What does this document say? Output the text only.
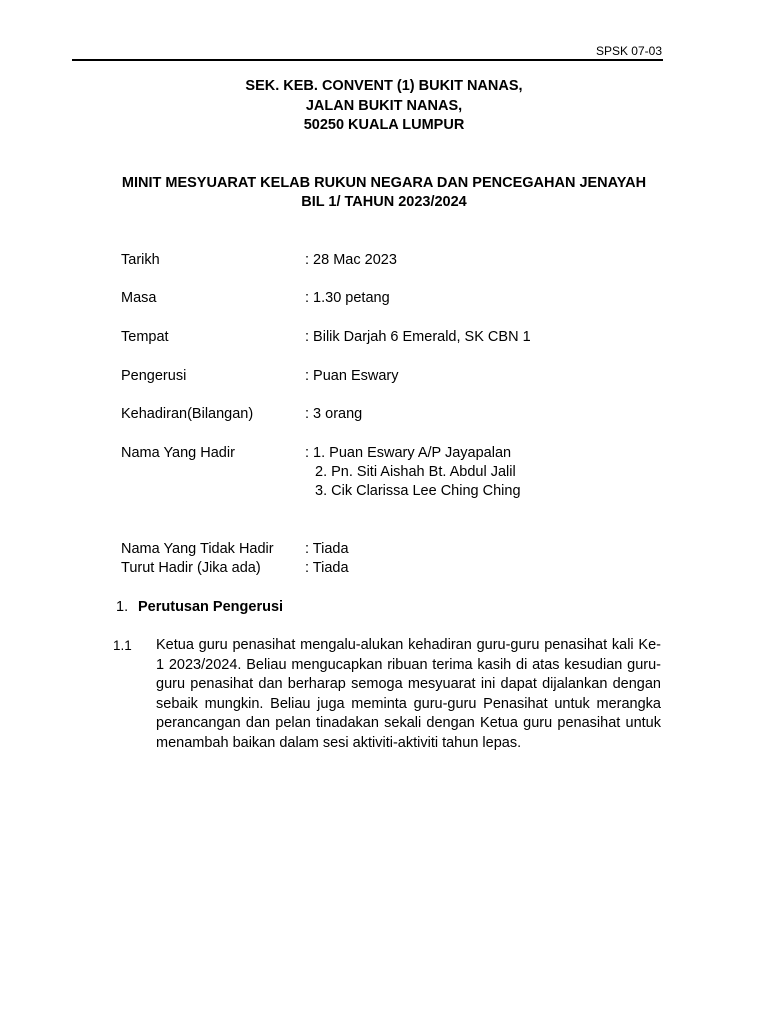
SPSK 07-03
SEK. KEB. CONVENT (1) BUKIT NANAS,
JALAN BUKIT NANAS,
50250 KUALA LUMPUR
MINIT MESYUARAT KELAB RUKUN NEGARA DAN PENCEGAHAN JENAYAH
BIL 1/ TAHUN 2023/2024
Tarikh	: 28 Mac 2023
Masa	: 1.30 petang
Tempat	: Bilik Darjah 6 Emerald, SK CBN 1
Pengerusi	: Puan Eswary
Kehadiran(Bilangan)	: 3 orang
Nama Yang Hadir	: 1. Puan Eswary A/P Jayapalan
2. Pn. Siti Aishah Bt. Abdul Jalil
3. Cik Clarissa Lee Ching Ching
Nama Yang Tidak Hadir : Tiada
Turut Hadir (Jika ada)	: Tiada
1. Perutusan Pengerusi
1.1 Ketua guru penasihat mengalu-alukan kehadiran guru-guru penasihat kali Ke-1 2023/2024. Beliau mengucapkan ribuan terima kasih di atas kesudian guru-guru penasihat dan berharap semoga mesyuarat ini dapat dijalankan dengan sebaik mungkin. Beliau juga meminta guru-guru Penasihat untuk merangka perancangan dan pelan tinadakan sekali dengan Ketua guru penasihat untuk menambah baikan dalam sesi aktiviti-aktiviti tahun lepas.
